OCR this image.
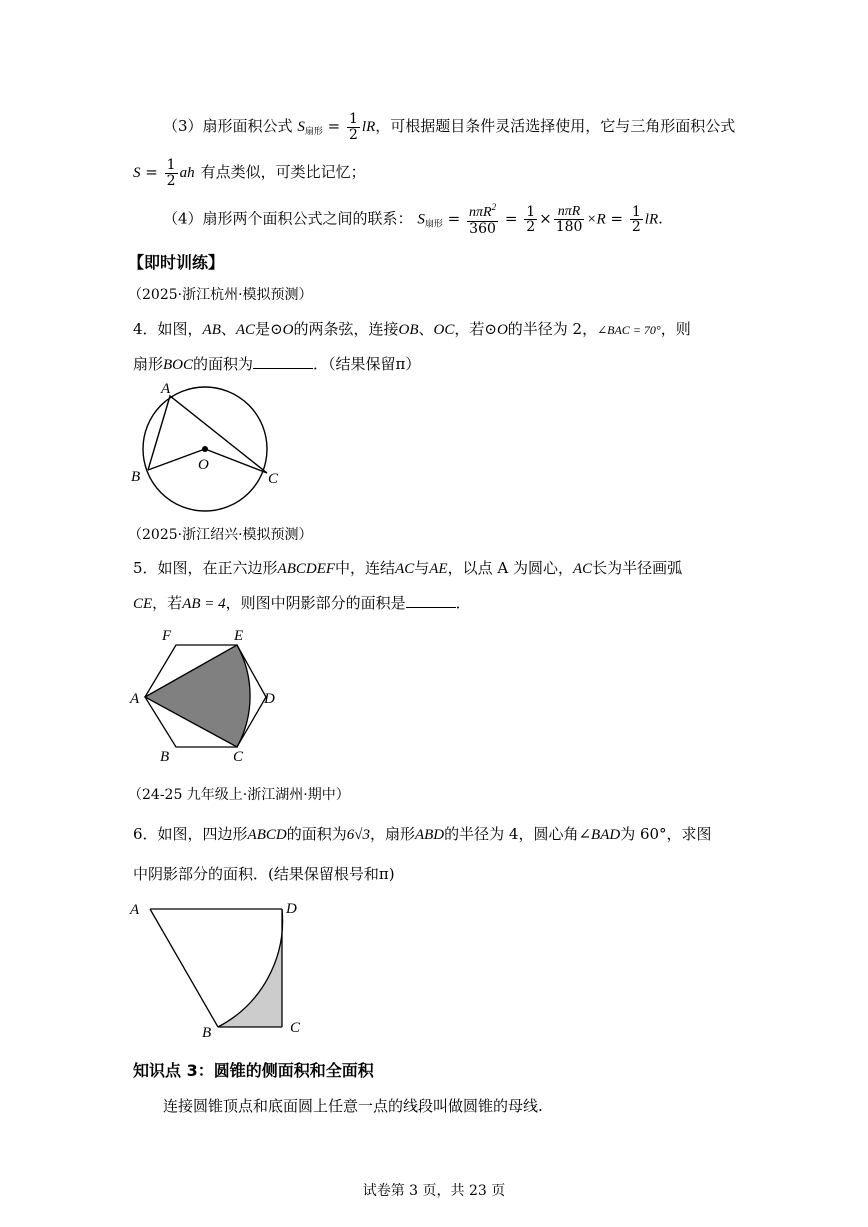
（3）扇形面积公式 $S_{扇形} = \frac{1}{2}$ lR，可根据题目条件灵活选择使用，它与三角形面积公式
$S = \frac{1}{2}$ ah 有点类似，可类比记忆；
（4）扇形两个面积公式之间的联系： $S_{扇形} = \frac{n\pi R^2}{360} = \frac{1}{2} \times \frac{\text{nπR}}{180} \times R = \frac{1}{2}$ lR.
【即时训练】
（2025·浙江杭州·模拟预测）
4．如图，AB、AC是⊙O的两条弦，连接OB、OC，若⊙O的半径为 2，∠BAC = 70°，则
扇形BOC的面积为	．（结果保留π）
A
B	C
O
（2025·浙江绍兴·模拟预测）
5．如图，在正六边形ABCDEF中，连结AC与AE，以点 A 为圆心，AC长为半径画弧
CE，若AB = 4，则图中阴影部分的面积是	．
A
B	C
D
E
F
（24-25 九年级上·浙江湖州·期中）
6．如图，四边形ABCD的面积为6√3，扇形ABD的半径为 4，圆心角∠BAD为 60°，求图
中阴影部分的面积．(结果保留根号和π)
A
B	C
D
知识点 3：圆锥的侧面积和全面积
连接圆锥顶点和底面圆上任意一点的线段叫做圆锥的母线.
试卷第 3 页，共 23 页
